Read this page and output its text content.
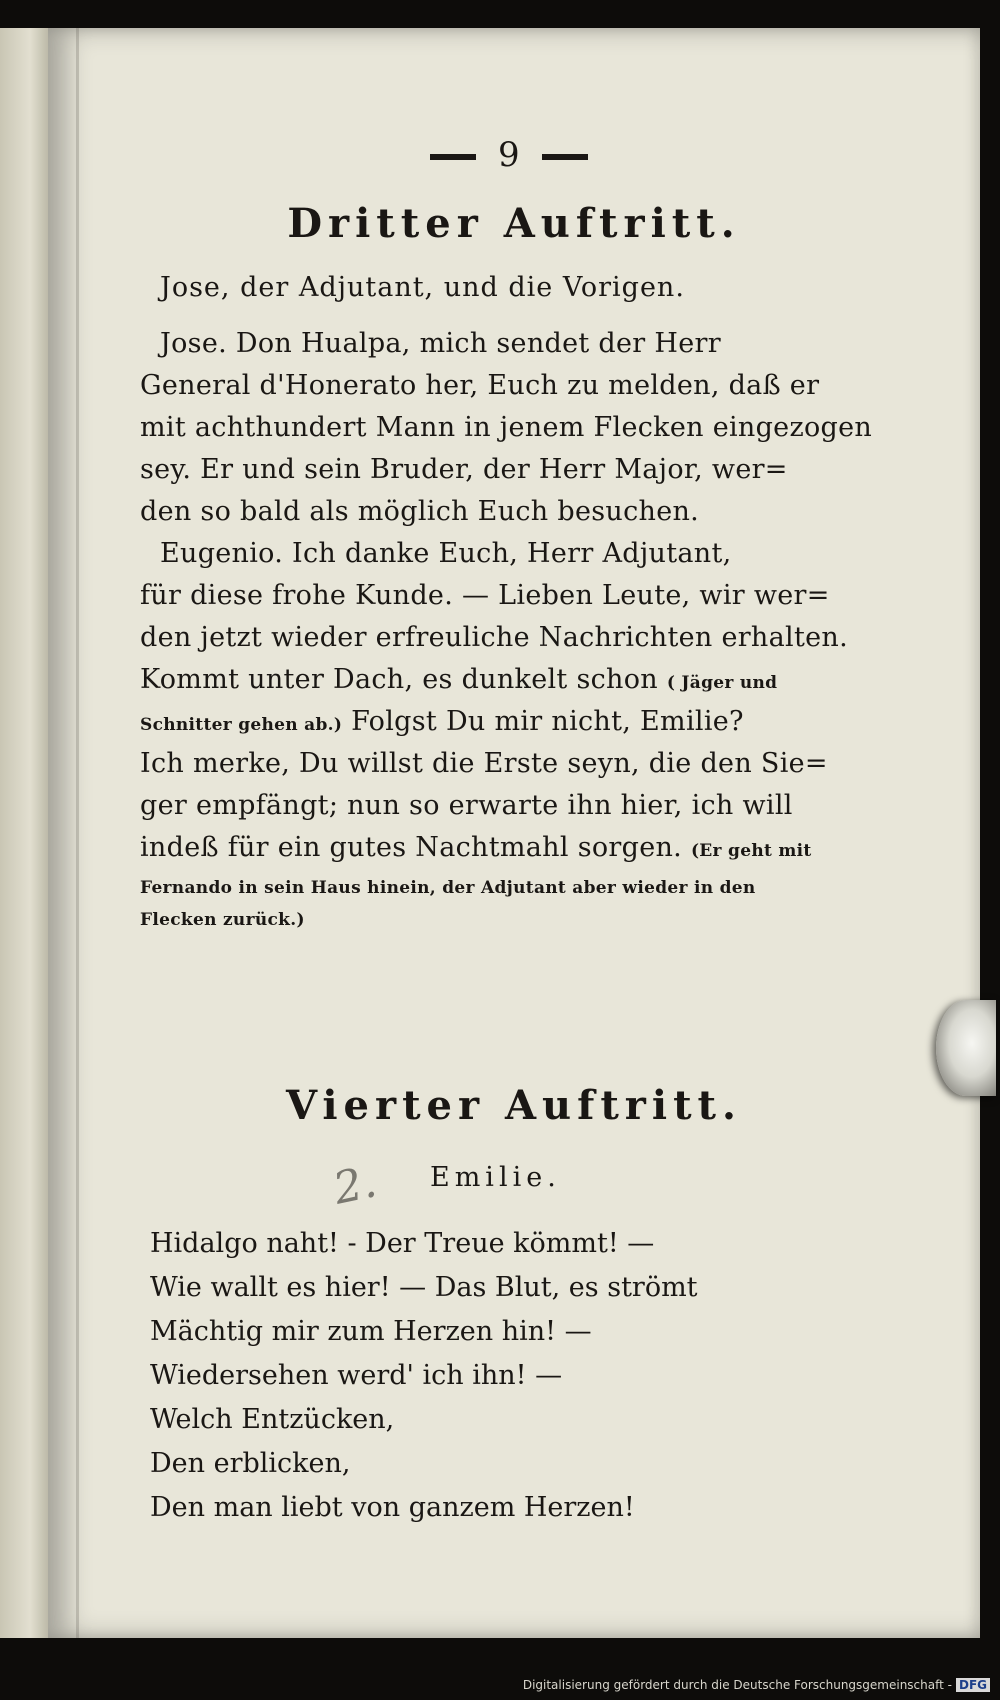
9
Dritter Auftritt.
Jose, der Adjutant, und die Vorigen.
Jose. Don Hualpa, mich sendet der Herr
General d'Honerato her, Euch zu melden, daß er
mit achthundert Mann in jenem Flecken eingezogen
sey. Er und sein Bruder, der Herr Major, wer=
den so bald als möglich Euch besuchen.
Eugenio. Ich danke Euch, Herr Adjutant,
für diese frohe Kunde. — Lieben Leute, wir wer=
den jetzt wieder erfreuliche Nachrichten erhalten.
Kommt unter Dach, es dunkelt schon ( Jäger und
Schnitter gehen ab.) Folgst Du mir nicht, Emilie?
Ich merke, Du willst die Erste seyn, die den Sie=
ger empfängt; nun so erwarte ihn hier, ich will
indeß für ein gutes Nachtmahl sorgen. (Er geht mit
Fernando in sein Haus hinein, der Adjutant aber wieder in den
Flecken zurück.)
Vierter Auftritt.
2. Emilie.
Hidalgo naht! - Der Treue kömmt! —
Wie wallt es hier! — Das Blut, es strömt
Mächtig mir zum Herzen hin! —
Wiedersehen werd' ich ihn! —
Welch Entzücken,
Den erblicken,
Den man liebt von ganzem Herzen!
Digitalisierung gefördert durch die Deutsche Forschungsgemeinschaft - DFG
